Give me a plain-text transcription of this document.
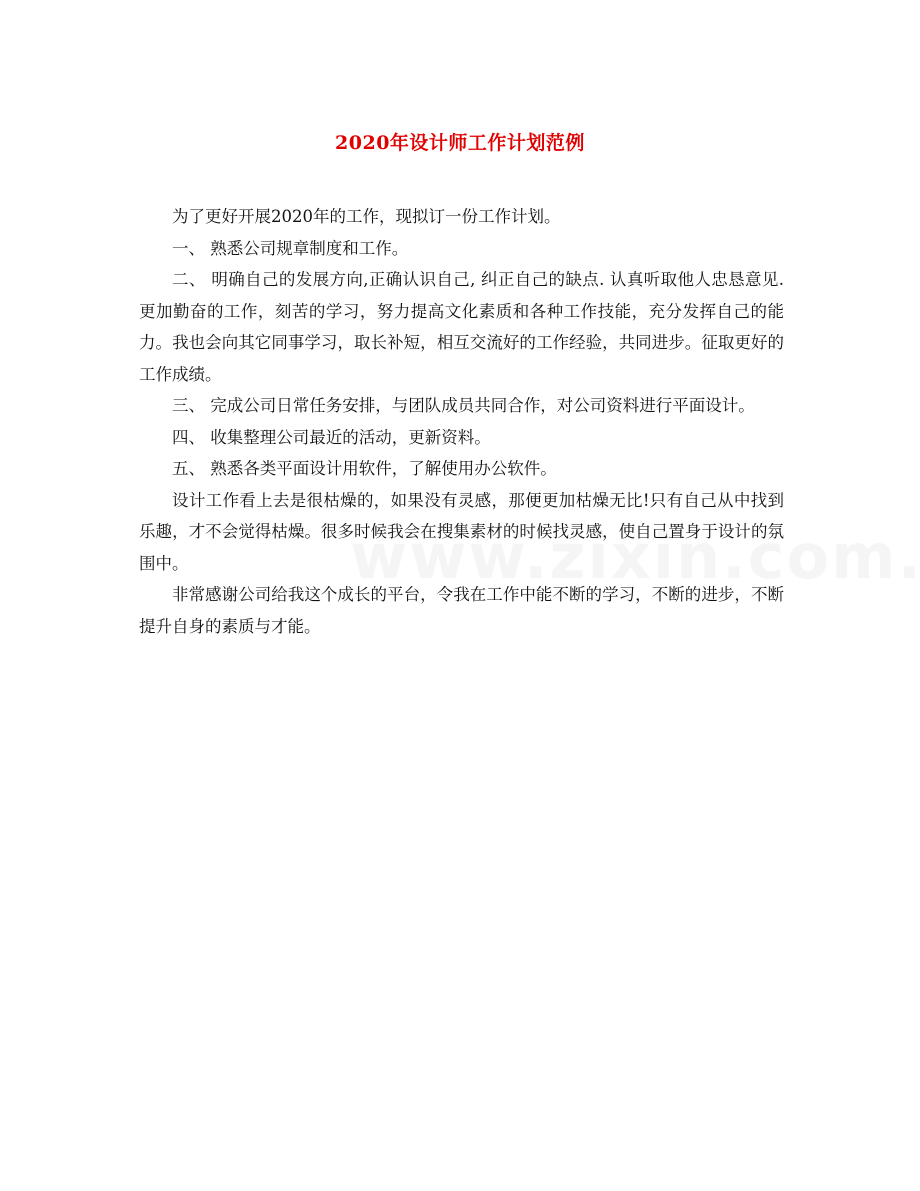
2020年设计师工作计划范例

为了更好开展2020年的工作，现拟订一份工作计划。

一、 熟悉公司规章制度和工作。

二、 明确自己的发展方向,正确认识自己, 纠正自己的缺点. 认真听取他人忠恳意见. 更加勤奋的工作，刻苦的学习，努力提高文化素质和各种工作技能，充分发挥自己的能力。我也会向其它同事学习，取长补短，相互交流好的工作经验，共同进步。征取更好的工作成绩。

三、 完成公司日常任务安排，与团队成员共同合作，对公司资料进行平面设计。

四、 收集整理公司最近的活动，更新资料。

五、 熟悉各类平面设计用软件，了解使用办公软件。

设计工作看上去是很枯燥的，如果没有灵感，那便更加枯燥无比!只有自己从中找到乐趣，才不会觉得枯燥。很多时候我会在搜集素材的时候找灵感，使自己置身于设计的氛围中。

非常感谢公司给我这个成长的平台，令我在工作中能不断的学习，不断的进步，不断提升自身的素质与才能。
